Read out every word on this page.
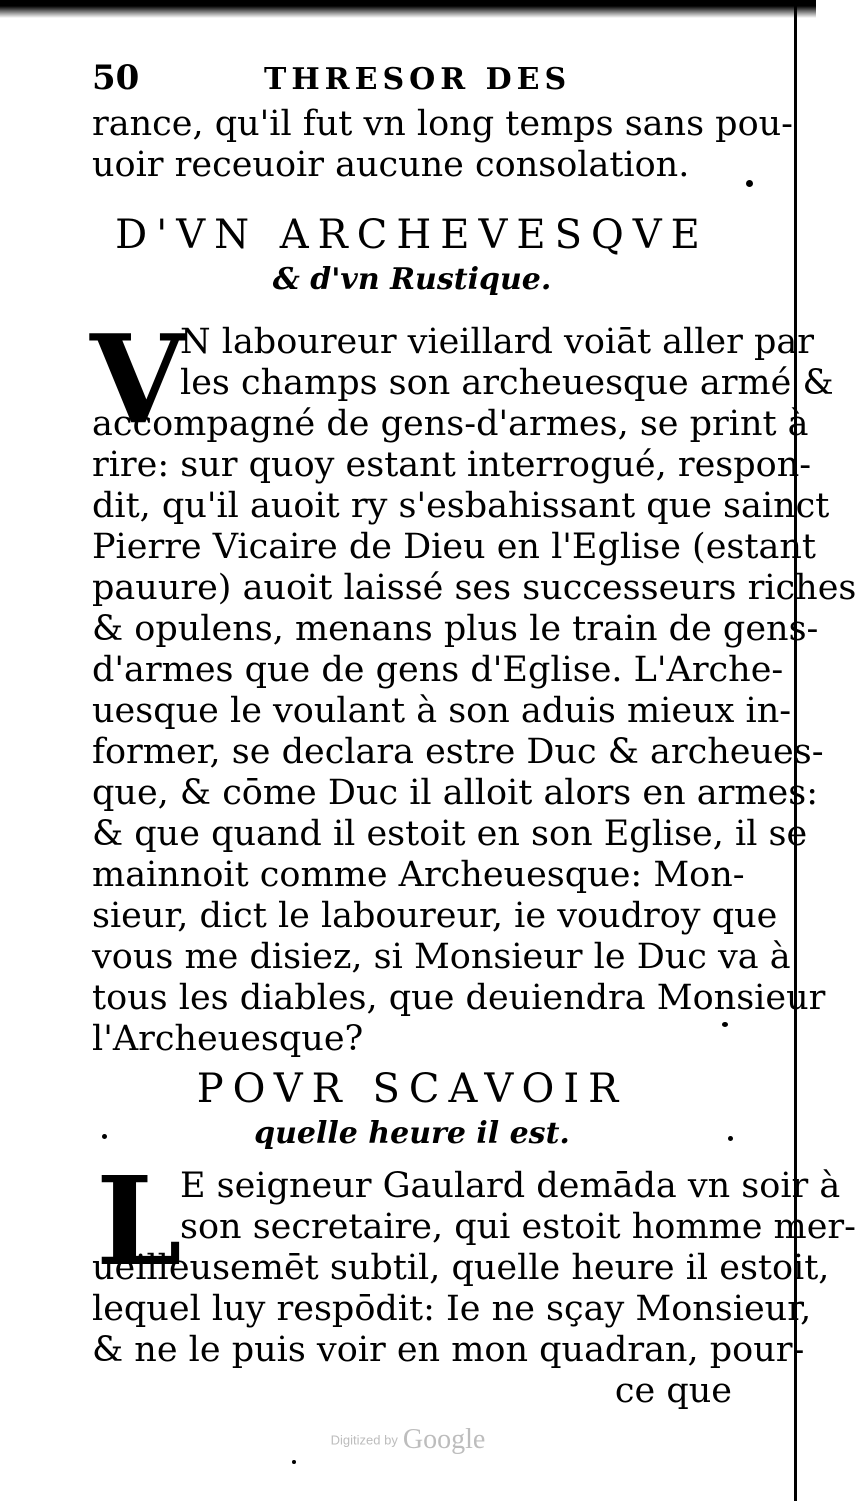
50	THRESOR DES
rance, qu'il fut vn long temps sans pou-
uoir receuoir aucune consolation.
D'VN ARCHEVESQVE
& d'vn Rustique.
V
N laboureur vieillard voiāt aller par
les champs son archeuesque armé &
accompagné de gens-d'armes, se print à
rire: sur quoy estant interrogué, respon-
dit, qu'il auoit ry s'esbahissant que sainct
Pierre Vicaire de Dieu en l'Eglise (estant
pauure) auoit laissé ses successeurs riches
& opulens, menans plus le train de gens-
d'armes que de gens d'Eglise. L'Arche-
uesque le voulant à son aduis mieux in-
former, se declara estre Duc & archeues-
que, & cōme Duc il alloit alors en armes:
& que quand il estoit en son Eglise, il se
mainnoit comme Archeuesque: Mon-
sieur, dict le laboureur, ie voudroy que
vous me disiez, si Monsieur le Duc va à
tous les diables, que deuiendra Monsieur
l'Archeuesque?
POVR SCAVOIR
quelle heure il est.
L
E seigneur Gaulard demāda vn soir à
son secretaire, qui estoit homme mer-
ueilleusemēt subtil, quelle heure il estoit,
lequel luy respōdit: Ie ne sçay Monsieur,
& ne le puis voir en mon quadran, pour-
ce que
Digitized by Google
